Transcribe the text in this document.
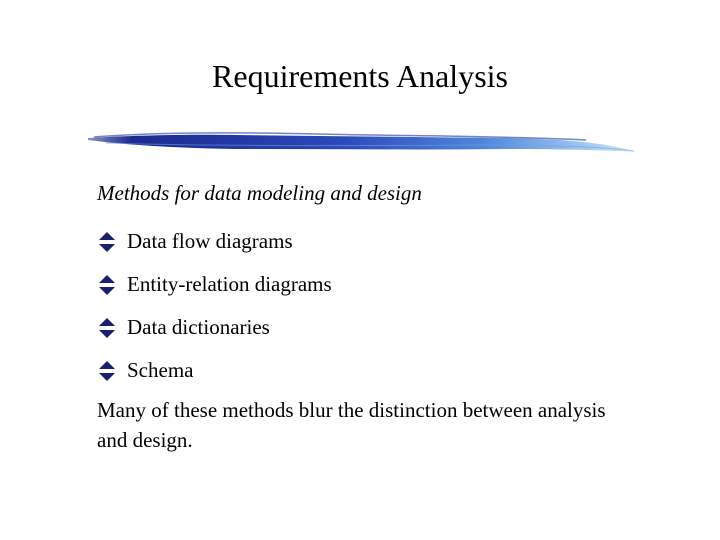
Requirements Analysis

Methods for data modeling and design

Data flow diagrams
Entity-relation diagrams
Data dictionaries
Schema

Many of these methods blur the distinction between analysis and design.
